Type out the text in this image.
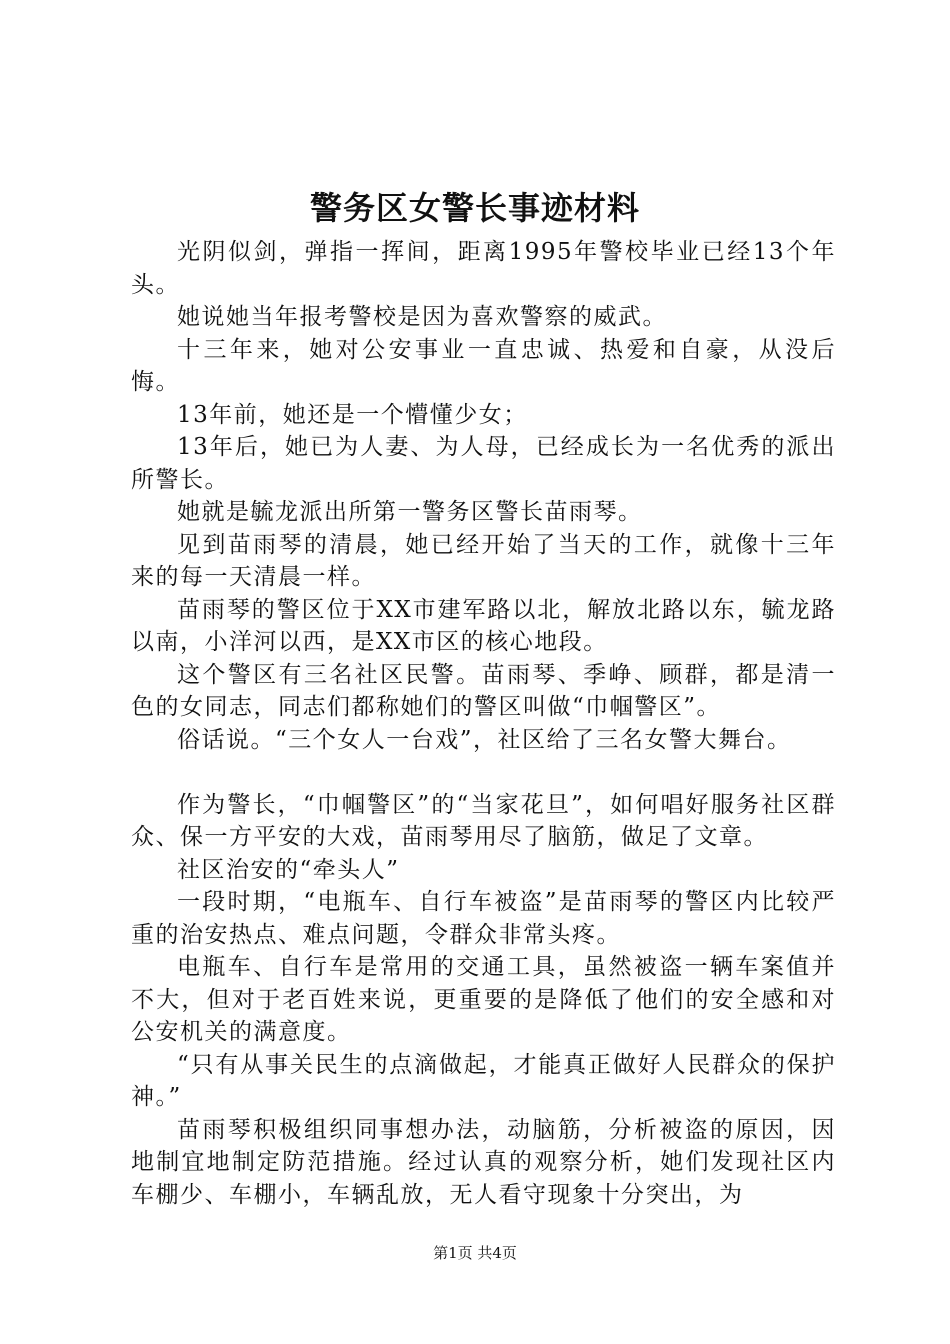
警务区女警长事迹材料

光阴似剑，弹指一挥间，距离1995年警校毕业已经13个年头。

她说她当年报考警校是因为喜欢警察的威武。

十三年来，她对公安事业一直忠诚、热爱和自豪，从没后悔。

13年前，她还是一个懵懂少女；

13年后，她已为人妻、为人母，已经成长为一名优秀的派出所警长。

她就是毓龙派出所第一警务区警长苗雨琴。

见到苗雨琴的清晨，她已经开始了当天的工作，就像十三年来的每一天清晨一样。

苗雨琴的警区位于XX市建军路以北，解放北路以东，毓龙路以南，小洋河以西，是XX市区的核心地段。

这个警区有三名社区民警。苗雨琴、季峥、顾群，都是清一色的女同志，同志们都称她们的警区叫做“巾帼警区”。

俗话说。“三个女人一台戏”，社区给了三名女警大舞台。

作为警长，“巾帼警区”的“当家花旦”，如何唱好服务社区群众、保一方平安的大戏，苗雨琴用尽了脑筋，做足了文章。

社区治安的“牵头人”

一段时期，“电瓶车、自行车被盗”是苗雨琴的警区内比较严重的治安热点、难点问题，令群众非常头疼。

电瓶车、自行车是常用的交通工具，虽然被盗一辆车案值并不大，但对于老百姓来说，更重要的是降低了他们的安全感和对公安机关的满意度。

“只有从事关民生的点滴做起，才能真正做好人民群众的保护神。”

苗雨琴积极组织同事想办法，动脑筋，分析被盗的原因，因地制宜地制定防范措施。经过认真的观察分析，她们发现社区内车棚少、车棚小，车辆乱放，无人看守现象十分突出，为

第1页 共4页
